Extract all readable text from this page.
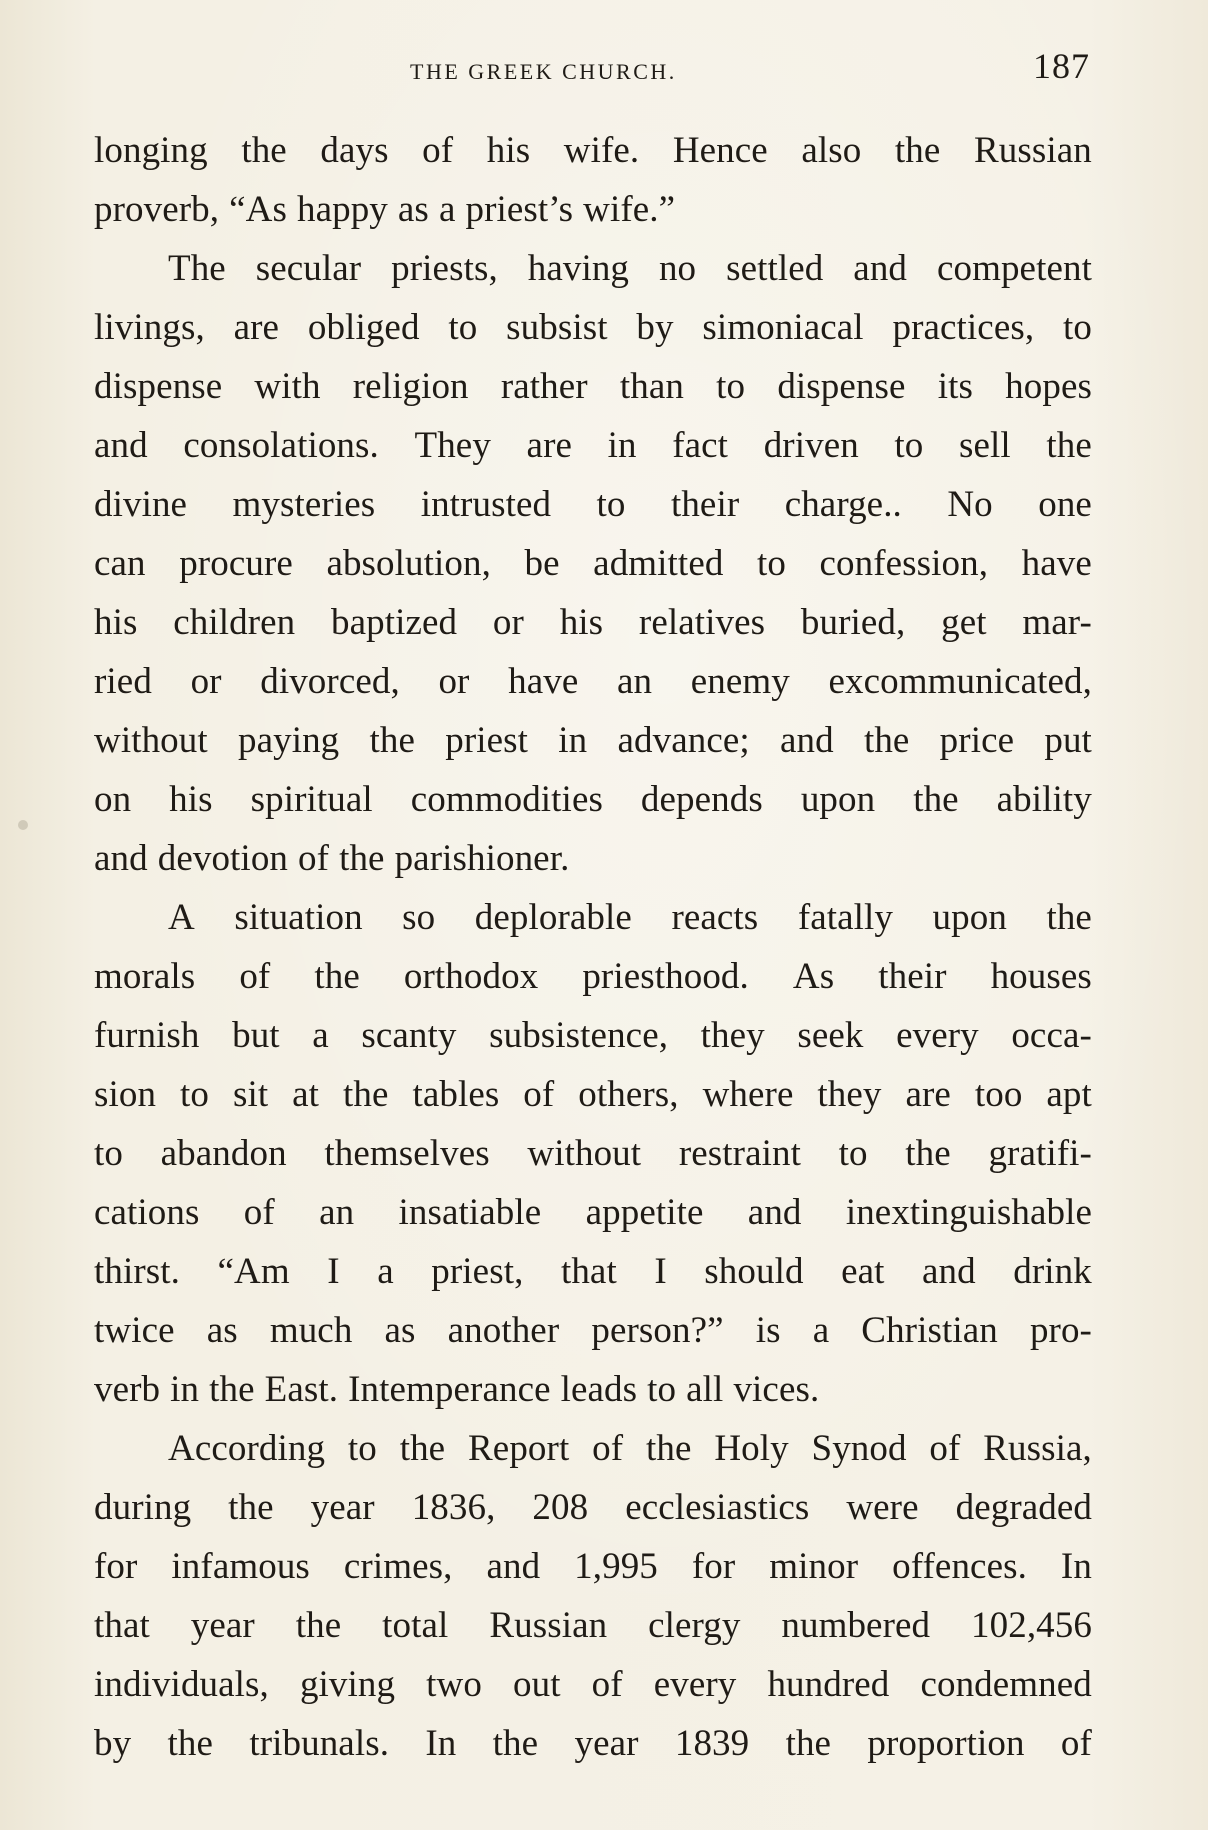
THE GREEK CHURCH.	187
longing the days of his wife. Hence also the Russian
proverb, “As happy as a priest’s wife.”
The secular priests, having no settled and competent
livings, are obliged to subsist by simoniacal practices, to
dispense with religion rather than to dispense its hopes
and consolations. They are in fact driven to sell the
divine mysteries intrusted to their charge.. No one
can procure absolution, be admitted to confession, have
his children baptized or his relatives buried, get mar-
ried or divorced, or have an enemy excommunicated,
without paying the priest in advance; and the price put
on his spiritual commodities depends upon the ability
and devotion of the parishioner.
A situation so deplorable reacts fatally upon the
morals of the orthodox priesthood. As their houses
furnish but a scanty subsistence, they seek every occa-
sion to sit at the tables of others, where they are too apt
to abandon themselves without restraint to the gratifi-
cations of an insatiable appetite and inextinguishable
thirst. “Am I a priest, that I should eat and drink
twice as much as another person?” is a Christian pro-
verb in the East. Intemperance leads to all vices.
According to the Report of the Holy Synod of Russia,
during the year 1836, 208 ecclesiastics were degraded
for infamous crimes, and 1,995 for minor offences. In
that year the total Russian clergy numbered 102,456
individuals, giving two out of every hundred condemned
by the tribunals. In the year 1839 the proportion of
